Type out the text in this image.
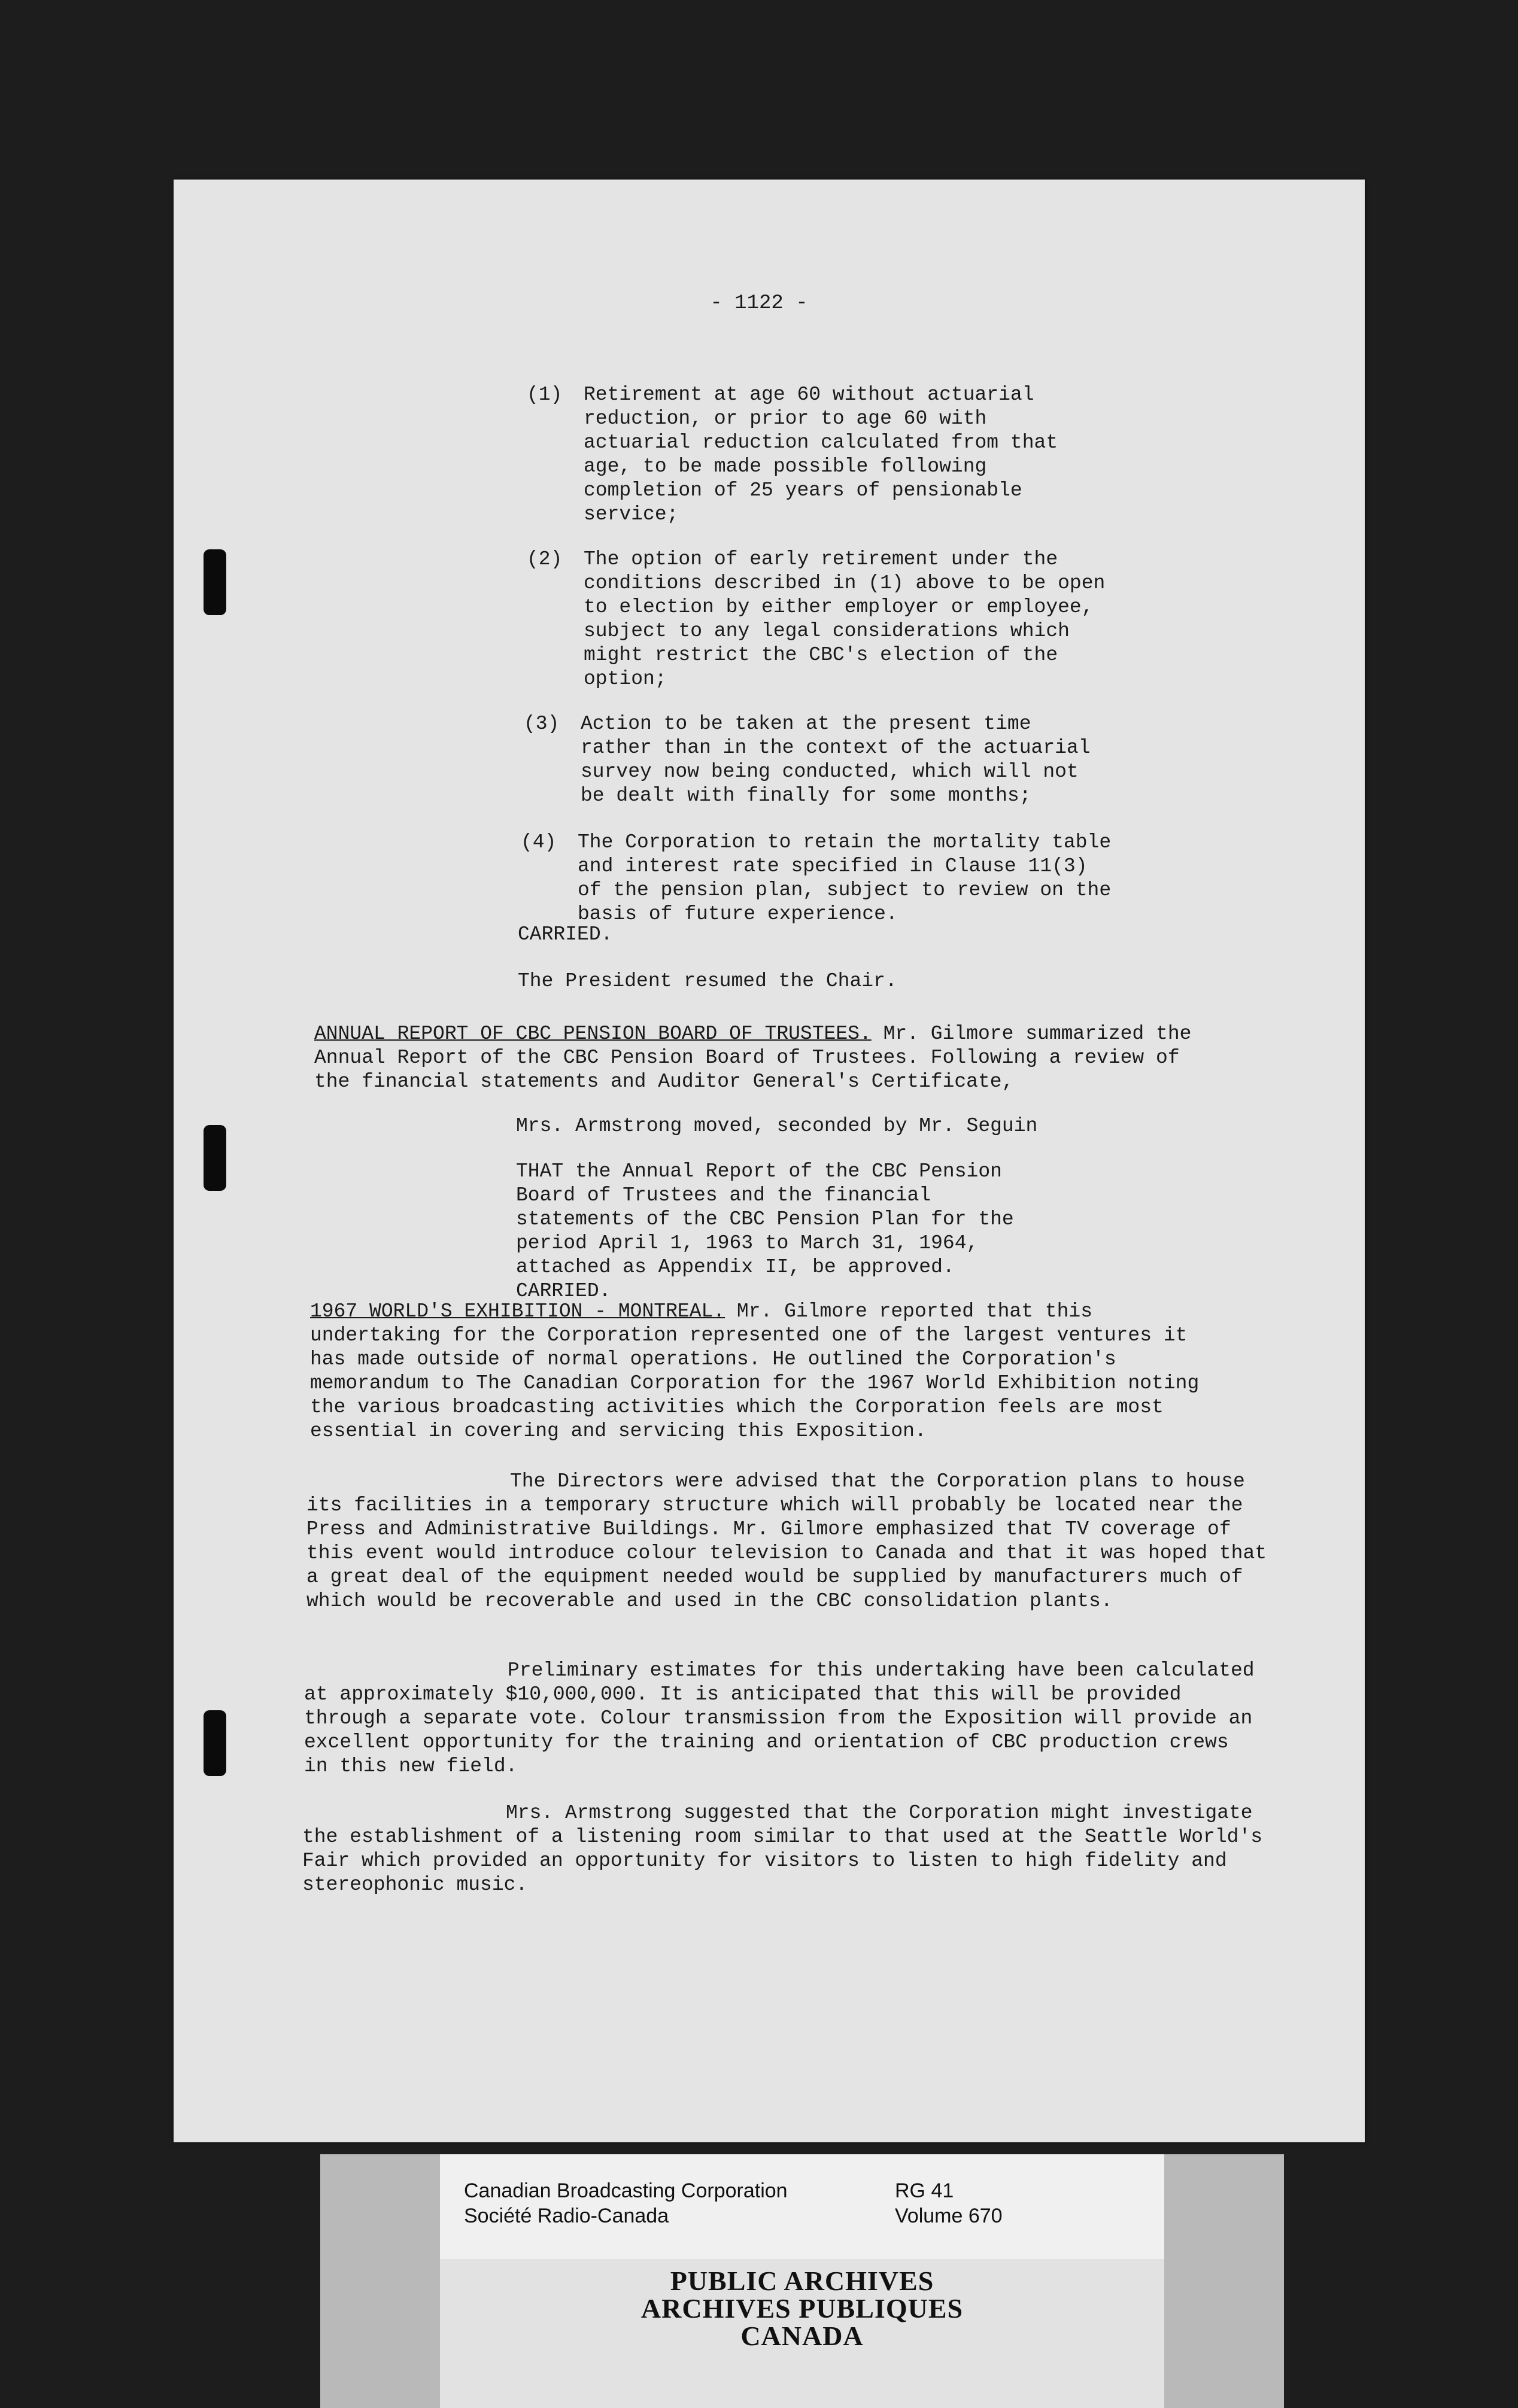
- 1122 -
(1) Retirement at age 60 without actuarial reduction, or prior to age 60 with actuarial reduction calculated from that age, to be made possible following completion of 25 years of pensionable service;
(2) The option of early retirement under the conditions described in (1) above to be open to election by either employer or employee, subject to any legal considerations which might restrict the CBC's election of the option;
(3) Action to be taken at the present time rather than in the context of the actuarial survey now being conducted, which will not be dealt with finally for some months;
(4) The Corporation to retain the mortality table and interest rate specified in Clause 11(3) of the pension plan, subject to review on the basis of future experience.
CARRIED.
The President resumed the Chair.
ANNUAL REPORT OF CBC PENSION BOARD OF TRUSTEES. Mr. Gilmore summarized the Annual Report of the CBC Pension Board of Trustees. Following a review of the financial statements and Auditor General's Certificate,
Mrs. Armstrong moved, seconded by Mr. Seguin
THAT the Annual Report of the CBC Pension Board of Trustees and the financial statements of the CBC Pension Plan for the period April 1, 1963 to March 31, 1964, attached as Appendix II, be approved. CARRIED.
1967 WORLD'S EXHIBITION - MONTREAL. Mr. Gilmore reported that this undertaking for the Corporation represented one of the largest ventures it has made outside of normal operations. He outlined the Corporation's memorandum to The Canadian Corporation for the 1967 World Exhibition noting the various broadcasting activities which the Corporation feels are most essential in covering and servicing this Exposition.
The Directors were advised that the Corporation plans to house its facilities in a temporary structure which will probably be located near the Press and Administrative Buildings. Mr. Gilmore emphasized that TV coverage of this event would introduce colour television to Canada and that it was hoped that a great deal of the equipment needed would be supplied by manufacturers much of which would be recoverable and used in the CBC consolidation plants.
Preliminary estimates for this undertaking have been calculated at approximately $10,000,000. It is anticipated that this will be provided through a separate vote. Colour transmission from the Exposition will provide an excellent opportunity for the training and orientation of CBC production crews in this new field.
Mrs. Armstrong suggested that the Corporation might investigate the establishment of a listening room similar to that used at the Seattle World's Fair which provided an opportunity for visitors to listen to high fidelity and stereophonic music.
Canadian Broadcasting Corporation
Société Radio-Canada
RG 41
Volume 670
PUBLIC ARCHIVES
ARCHIVES PUBLIQUES
CANADA
